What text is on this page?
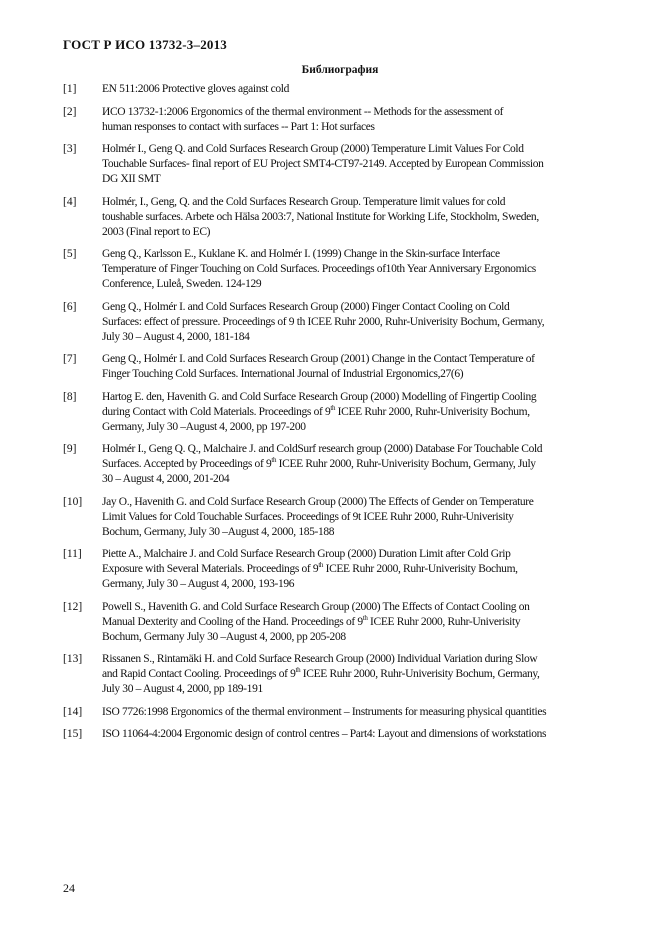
ГОСТ Р ИСО 13732-3–2013
Библиография
[1] EN 511:2006 Protective gloves against cold
[2] ИСО 13732-1:2006 Ergonomics of the thermal environment -- Methods for the assessment of
human responses to contact with surfaces -- Part 1: Hot surfaces
[3] Holmér I., Geng Q. and Cold Surfaces Research Group (2000) Temperature Limit Values For Cold
Touchable Surfaces- final report of EU Project SMT4-CT97-2149. Accepted by European Commission
DG XII SMT
[4] Holmér, I., Geng, Q. and the Cold Surfaces Research Group. Temperature limit values for cold
toushable surfaces. Arbete och Hälsa 2003:7, National Institute for Working Life, Stockholm, Sweden,
2003 (Final report to EC)
[5] Geng Q., Karlsson E., Kuklane K. and Holmér I. (1999) Change in the Skin-surface Interface
Temperature of Finger Touching on Cold Surfaces. Proceedings of10th Year Anniversary Ergonomics
Conference, Luleå, Sweden. 124-129
[6] Geng Q., Holmér I. and Cold Surfaces Research Group (2000) Finger Contact Cooling on Cold
Surfaces: effect of pressure. Proceedings of 9 th ICEE Ruhr 2000, Ruhr-Univerisity Bochum, Germany,
July 30 – August 4, 2000, 181-184
[7] Geng Q., Holmér I. and Cold Surfaces Research Group (2001) Change in the Contact Temperature of
Finger Touching Cold Surfaces. International Journal of Industrial Ergonomics,27(6)
[8] Hartog E. den, Havenith G. and Cold Surface Research Group (2000) Modelling of Fingertip Cooling
during Contact with Cold Materials. Proceedings of 9th ICEE Ruhr 2000, Ruhr-Univerisity Bochum,
Germany, July 30 –August 4, 2000, pp 197-200
[9] Holmér I., Geng Q. Q., Malchaire J. and ColdSurf research group (2000) Database For Touchable Cold
Surfaces. Accepted by Proceedings of 9th ICEE Ruhr 2000, Ruhr-Univerisity Bochum, Germany, July
30 – August 4, 2000, 201-204
[10] Jay O., Havenith G. and Cold Surface Research Group (2000) The Effects of Gender on Temperature
Limit Values for Cold Touchable Surfaces. Proceedings of 9t ICEE Ruhr 2000, Ruhr-Univerisity
Bochum, Germany, July 30 –August 4, 2000, 185-188
[11] Piette A., Malchaire J. and Cold Surface Research Group (2000) Duration Limit after Cold Grip
Exposure with Several Materials. Proceedings of 9th ICEE Ruhr 2000, Ruhr-Univerisity Bochum,
Germany, July 30 – August 4, 2000, 193-196
[12] Powell S., Havenith G. and Cold Surface Research Group (2000) The Effects of Contact Cooling on
Manual Dexterity and Cooling of the Hand. Proceedings of 9th ICEE Ruhr 2000, Ruhr-Univerisity
Bochum, Germany July 30 –August 4, 2000, pp 205-208
[13] Rissanen S., Rintamäki H. and Cold Surface Research Group (2000) Individual Variation during Slow
and Rapid Contact Cooling. Proceedings of 9th ICEE Ruhr 2000, Ruhr-Univerisity Bochum, Germany,
July 30 – August 4, 2000, pp 189-191
[14] ISO 7726:1998 Ergonomics of the thermal environment – Instruments for measuring physical quantities
[15] ISO 11064-4:2004 Ergonomic design of control centres – Part4: Layout and dimensions of workstations
24
